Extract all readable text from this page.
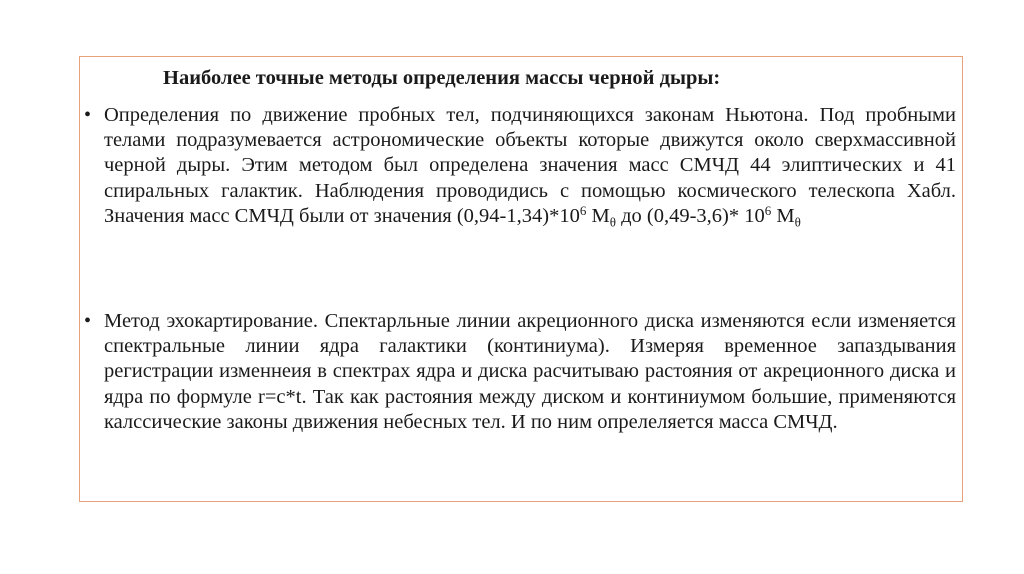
Наиболее точные методы определения массы черной дыры:
• Определения по движение пробных тел, подчиняющихся законам Ньютона. Под пробными телами подразумевается астрономические объекты которые движутся около сверхмассивной черной дыры. Этим методом был определена значения масс СМЧД 44 элиптических и 41 спиральных галактик. Наблюдения проводидись с помощью космического телескопа Хабл. Значения масс СМЧД были от значения $(0,94-1,34)*10^6$ $M_\theta$ до (0,49-3,6)* $10^6$ $M_\theta$
• Метод эхокартирование. Спектарльные линии акреционного диска изменяются если изменяется спектральные линии ядра галактики (континиума). Измеряя временное запаздывания регистрации изменнеия в спектрах ядра и диска расчитываю растояния от акреционного диска и ядра по формуле r=c*t. Так как растояния между диском и континиумом большие, применяются калссические законы движения небесных тел. И по ним опрелеляется масса СМЧД.
